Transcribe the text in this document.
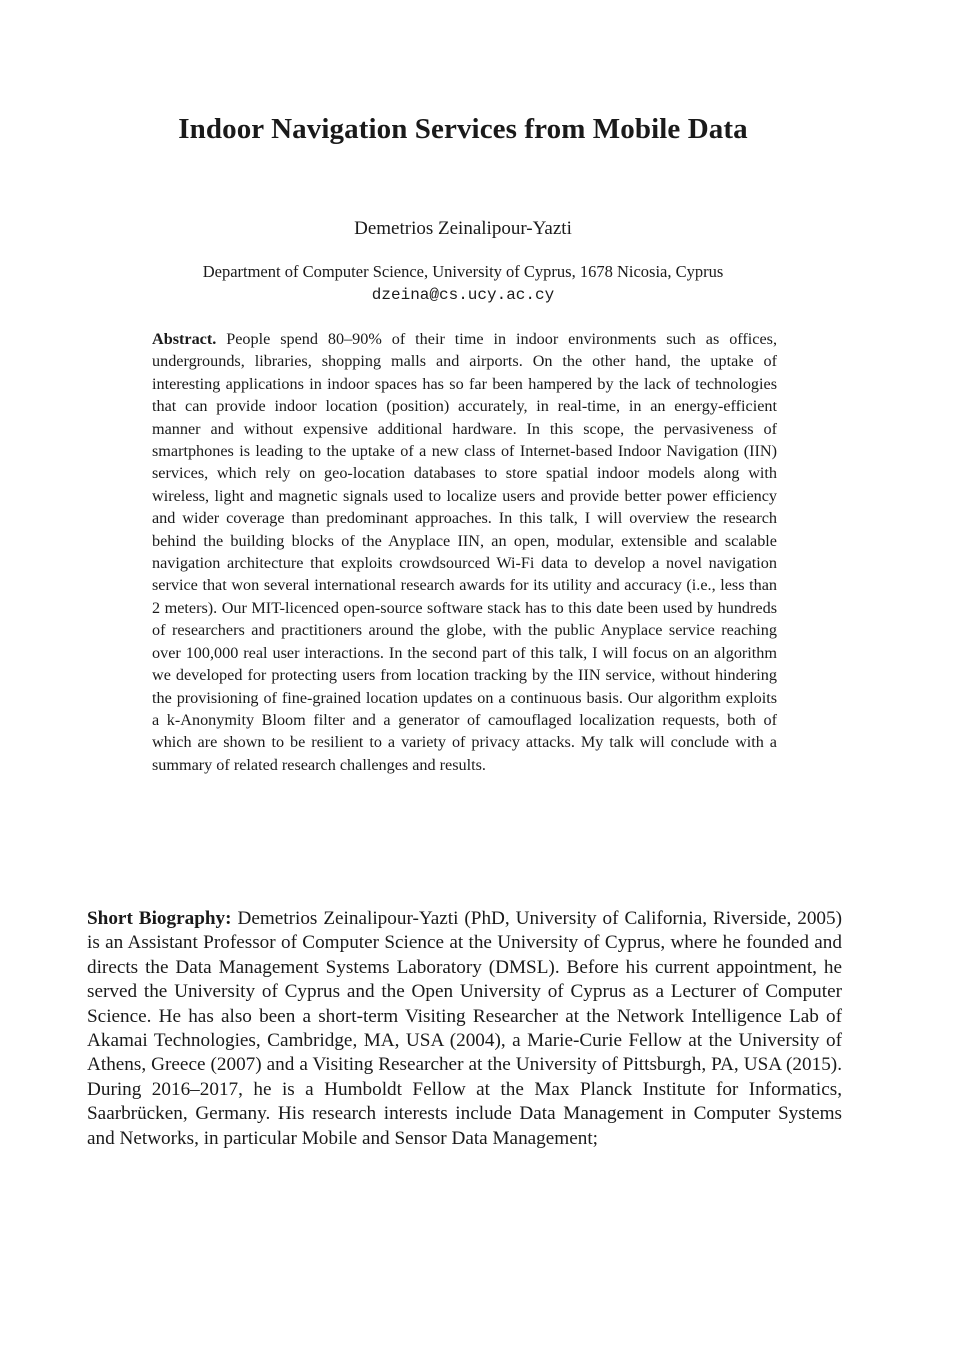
Indoor Navigation Services from Mobile Data

Demetrios Zeinalipour-Yazti

Department of Computer Science, University of Cyprus, 1678 Nicosia, Cyprus

dzeina@cs.ucy.ac.cy

Abstract. People spend 80–90% of their time in indoor environments such as offices, undergrounds, libraries, shopping malls and airports. On the other hand, the uptake of interesting applications in indoor spaces has so far been hampered by the lack of technologies that can provide indoor location (position) accurately, in real-time, in an energy-efficient manner and without expensive additional hardware. In this scope, the pervasiveness of smartphones is leading to the uptake of a new class of Internet-based Indoor Navigation (IIN) services, which rely on geo-location databases to store spatial indoor models along with wireless, light and magnetic signals used to localize users and provide better power efficiency and wider coverage than predominant approaches. In this talk, I will overview the research behind the building blocks of the Anyplace IIN, an open, modular, extensible and scalable navigation architecture that exploits crowdsourced Wi-Fi data to develop a novel navigation service that won several international research awards for its utility and accuracy (i.e., less than 2 meters). Our MIT-licenced open-source software stack has to this date been used by hundreds of researchers and practitioners around the globe, with the public Anyplace service reaching over 100,000 real user interactions. In the second part of this talk, I will focus on an algorithm we developed for protecting users from location tracking by the IIN service, without hindering the provisioning of fine-grained location updates on a continuous basis. Our algorithm exploits a k-Anonymity Bloom filter and a generator of camouflaged localization requests, both of which are shown to be resilient to a variety of privacy attacks. My talk will conclude with a summary of related research challenges and results.

Short Biography: Demetrios Zeinalipour-Yazti (PhD, University of California, Riverside, 2005) is an Assistant Professor of Computer Science at the University of Cyprus, where he founded and directs the Data Management Systems Laboratory (DMSL). Before his current appointment, he served the University of Cyprus and the Open University of Cyprus as a Lecturer of Computer Science. He has also been a short-term Visiting Researcher at the Network Intelligence Lab of Akamai Technologies, Cambridge, MA, USA (2004), a Marie-Curie Fellow at the University of Athens, Greece (2007) and a Visiting Researcher at the University of Pittsburgh, PA, USA (2015). During 2016–2017, he is a Humboldt Fellow at the Max Planck Institute for Informatics, Saarbrücken, Germany. His research interests include Data Management in Computer Systems and Networks, in particular Mobile and Sensor Data Management;
